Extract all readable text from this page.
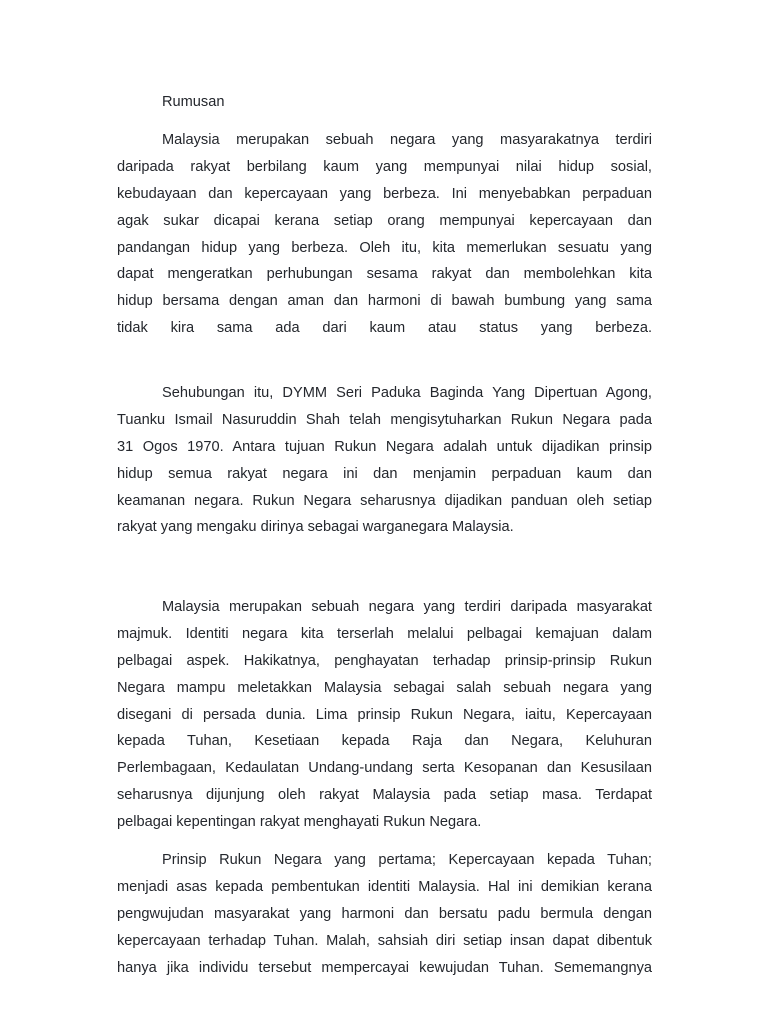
Rumusan

Malaysia merupakan sebuah negara yang masyarakatnya terdiri
daripada rakyat berbilang kaum yang mempunyai nilai hidup sosial,
kebudayaan dan kepercayaan yang berbeza. Ini menyebabkan perpaduan
agak sukar dicapai kerana setiap orang mempunyai kepercayaan dan
pandangan hidup yang berbeza. Oleh itu, kita memerlukan sesuatu yang
dapat mengeratkan perhubungan sesama rakyat dan membolehkan kita
hidup bersama dengan aman dan harmoni di bawah bumbung yang sama
tidak kira sama ada dari kaum atau status yang berbeza.
Sehubungan itu, DYMM Seri Paduka Baginda Yang Dipertuan Agong,
Tuanku Ismail Nasuruddin Shah telah mengisytuharkan Rukun Negara pada
31 Ogos 1970. Antara tujuan Rukun Negara adalah untuk dijadikan prinsip
hidup semua rakyat negara ini dan menjamin perpaduan kaum dan
keamanan negara. Rukun Negara seharusnya dijadikan panduan oleh setiap
rakyat yang mengaku dirinya sebagai warganegara Malaysia.
Malaysia merupakan sebuah negara yang terdiri daripada masyarakat
majmuk. Identiti negara kita terserlah melalui pelbagai kemajuan dalam
pelbagai aspek. Hakikatnya, penghayatan terhadap prinsip-prinsip Rukun
Negara mampu meletakkan Malaysia sebagai salah sebuah negara yang
disegani di persada dunia. Lima prinsip Rukun Negara, iaitu, Kepercayaan
kepada Tuhan, Kesetiaan kepada Raja dan Negara, Keluhuran
Perlembagaan, Kedaulatan Undang-undang serta Kesopanan dan Kesusilaan
seharusnya dijunjung oleh rakyat Malaysia pada setiap masa. Terdapat
pelbagai kepentingan rakyat menghayati Rukun Negara.
Prinsip Rukun Negara yang pertama; Kepercayaan kepada Tuhan;
menjadi asas kepada pembentukan identiti Malaysia. Hal ini demikian kerana
pengwujudan masyarakat yang harmoni dan bersatu padu bermula dengan
kepercayaan terhadap Tuhan. Malah, sahsiah diri setiap insan dapat dibentuk
hanya jika individu tersebut mempercayai kewujudan Tuhan. Sememangnya
